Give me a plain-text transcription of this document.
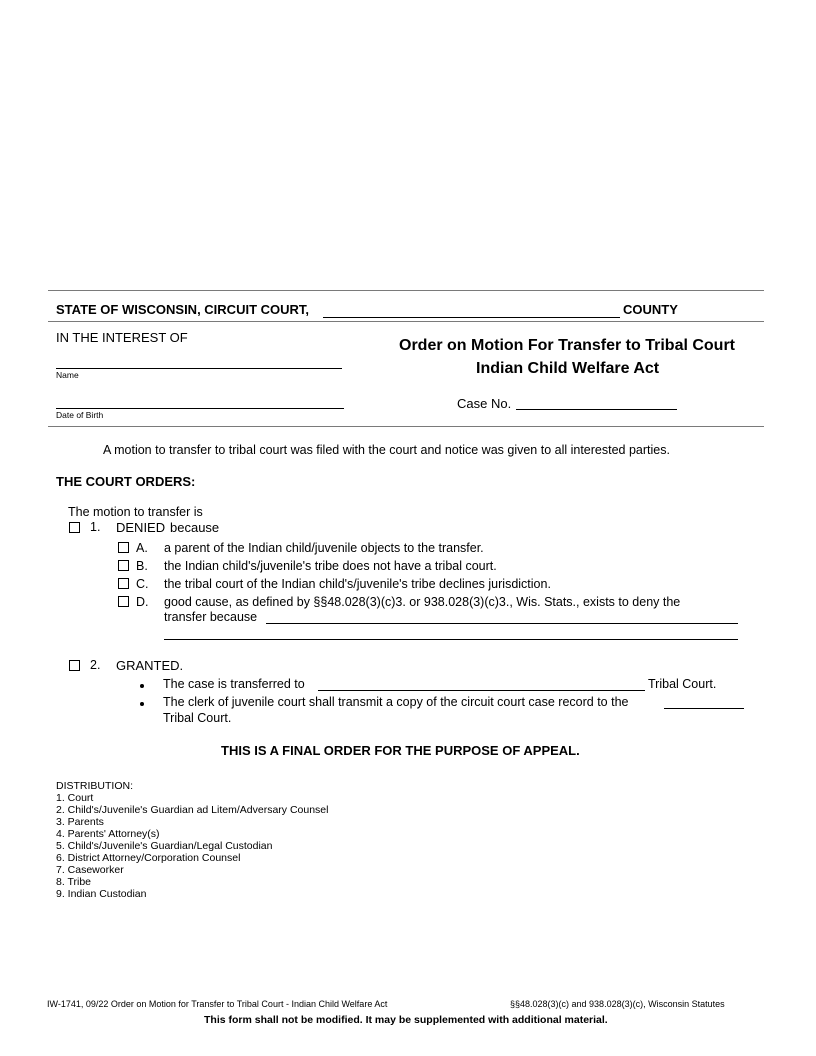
STATE OF WISCONSIN, CIRCUIT COURT,	COUNTY
IN THE INTEREST OF
Name
Date of Birth
Order on Motion For Transfer to Tribal Court
Indian Child Welfare Act
Case No.
A motion to transfer to tribal court was filed with the court and notice was given to all interested parties.
THE COURT ORDERS:
The motion to transfer is
1. DENIED because
A. a parent of the Indian child/juvenile objects to the transfer.
B. the Indian child's/juvenile's tribe does not have a tribal court.
C. the tribal court of the Indian child's/juvenile's tribe declines jurisdiction.
D. good cause, as defined by §§48.028(3)(c)3. or 938.028(3)(c)3., Wis. Stats., exists to deny the
transfer because
2. GRANTED.
The case is transferred to	Tribal Court.
The clerk of juvenile court shall transmit a copy of the circuit court case record to the
Tribal Court.
THIS IS A FINAL ORDER FOR THE PURPOSE OF APPEAL.
DISTRIBUTION:
1. Court
2. Child's/Juvenile's Guardian ad Litem/Adversary Counsel
3. Parents
4. Parents' Attorney(s)
5. Child's/Juvenile's Guardian/Legal Custodian
6. District Attorney/Corporation Counsel
7. Caseworker
8. Tribe
9. Indian Custodian
IW-1741, 09/22 Order on Motion for Transfer to Tribal Court - Indian Child Welfare Act	§§48.028(3)(c) and 938.028(3)(c), Wisconsin Statutes
This form shall not be modified. It may be supplemented with additional material.
